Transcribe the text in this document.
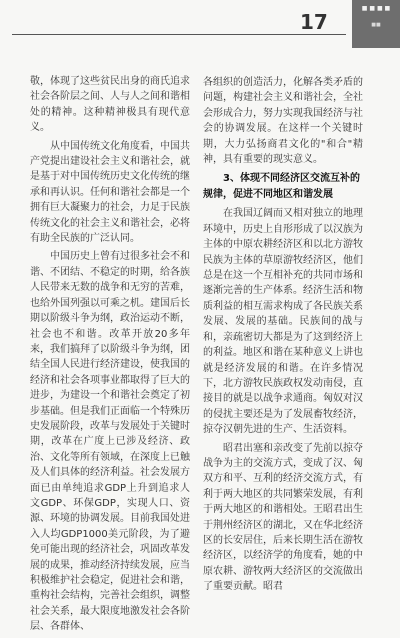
17
■ ■ ■ ■
■■

敬，体现了这些贫民出身的商氏追求社会各阶层之间、人与人之间和谐相处的精神。这种精神极具有现代意义。

从中国传统文化角度看，中国共产党提出建设社会主义和谐社会，就是基于对中国传统历史文化传统的继承和再认识。任何和谐社会都是一个拥有巨大凝聚力的社会，力足于民族传统文化的社会主义和谐社会，必将有助全民族的广泛认同。

中国历史上曾有过很多社会不和谐、不团结、不稳定的时期，给各族人民带来无数的战争和无穷的苦难，也给外国列强以可乘之机。建国后长期以阶级斗争为纲，政治运动不断，社会也不和谐。改革开放20多年来，我们搞拜了以阶级斗争为纲，团结全国人民进行经济建设，使我国的经济和社会各项事业都取得了巨大的进步，为建设一个和谐社会奠定了初步基础。但是我们正面临一个特殊历史发展阶段，改革与发展处于关键时期，改革在广度上已涉及经济、政治、文化等所有领域，在深度上已触及人们具体的经济利益。社会发展方面已由单纯追求GDP上升到追求人文GDP、环保GDP，实现人口、资源、环境的协调发展。目前我国处进入人均GDP1000美元阶段，为了避免可能出现的经济社会，巩固改革发展的成果，推动经济持续发展，应当积极维护社会稳定，促进社会和谐，重构社会结构，完善社会组织，调整社会关系，最大限度地激发社会各阶层、各群体、

各组织的创造活力，化解各类矛盾的问题，构建社会主义和谐社会，全社会形成合力，努力实现我国经济与社会的协调发展。在这样一个关键时期，大力弘扬商君文化的"和合"精神，具有重要的现实意义。

3、体现不同经济区交流互补的规律，促进不同地区和谐发展

在我国辽阔而又相对独立的地理环境中，历史上自形形成了以汉族为主体的中原农耕经济区和以北方游牧民族为主体的草原游牧经济区，他们总是在这一个互相补充的共同市场和逐渐完善的生产体系。经济生活和物质利益的相互需求构成了各民族关系发展、发展的基础。民族间的战与和，亲疏密切大都是为了这到经济上的利益。地区和谐在某种意义上讲也就是经济发展的和谐。在许多情况下，北方游牧民族政权发动南侵，直接目的就是以战争求通商。匈奴对汉的侵扰主要还是为了发展畜牧经济，掠夺汉朝先进的生产、生活资料。

昭君出塞和亲改变了先前以掠夺战争为主的交流方式，变成了汉、匈双方和平、互利的经济交流方式，有利于两大地区的共同繁荣发展，有利于两大地区的和谐相处。王昭君出生于荆州经济区的湖北，又在华北经济区的长安居住，后来长期生活在游牧经济区，以经济学的角度看，她的中原农耕、游牧两大经济区的交流做出了重要贡献。昭君
